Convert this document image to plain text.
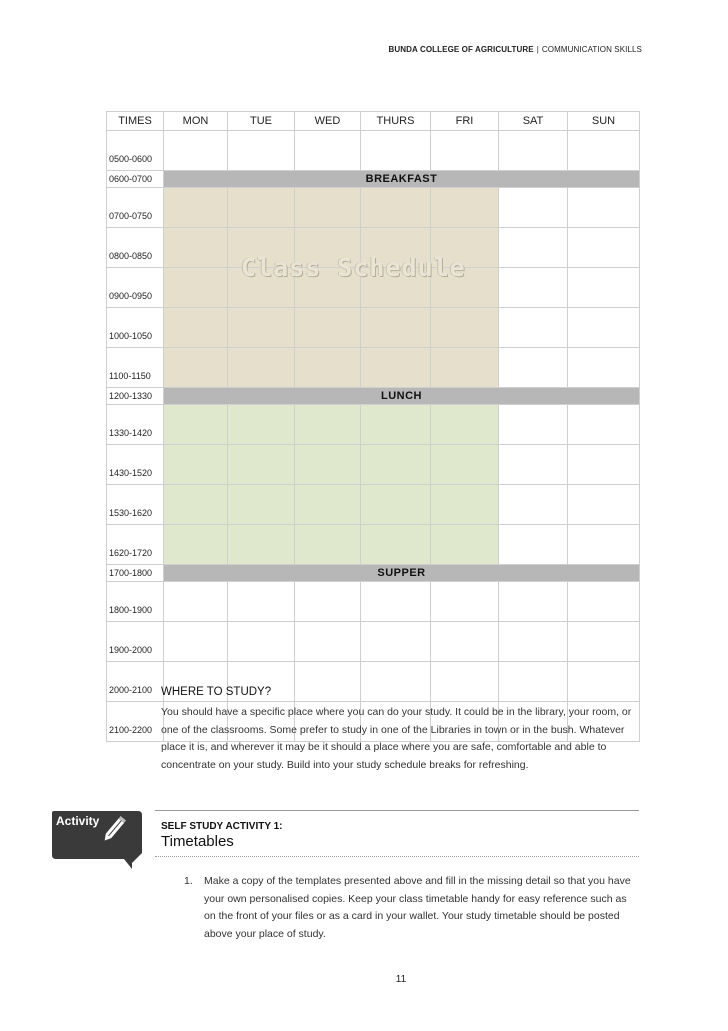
BUNDA COLLEGE OF AGRICULTURE | COMMUNICATION SKILLS
TIMES	MON	TUE	WED	THURS	FRI	SAT	SUN
0500-0600							
0600-0700	BREAKFAST						
0700-0750							
0800-0850							
0900-0950							
1000-1050							
1100-1150							
1200-1330	LUNCH						
1330-1420							
1430-1520							
1530-1620							
1620-1720							
1700-1800	SUPPER						
1800-1900							
1900-2000							
2000-2100							
2100-2200							
Class Schedule
WHERE TO STUDY?
You should have a specific place where you can do your study. It could be in the library, your room, or one of the classrooms. Some prefer to study in one of the Libraries in town or in the bush. Whatever place it is, and wherever it may be it should a place where you are safe, comfortable and able to concentrate on your study. Build into your study schedule breaks for refreshing.
Activity	SELF STUDY ACTIVITY 1:
Timetables
1. Make a copy of the templates presented above and fill in the missing detail so that you have your own personalised copies. Keep your class timetable handy for easy reference such as on the front of your files or as a card in your wallet. Your study timetable should be posted above your place of study.
11
